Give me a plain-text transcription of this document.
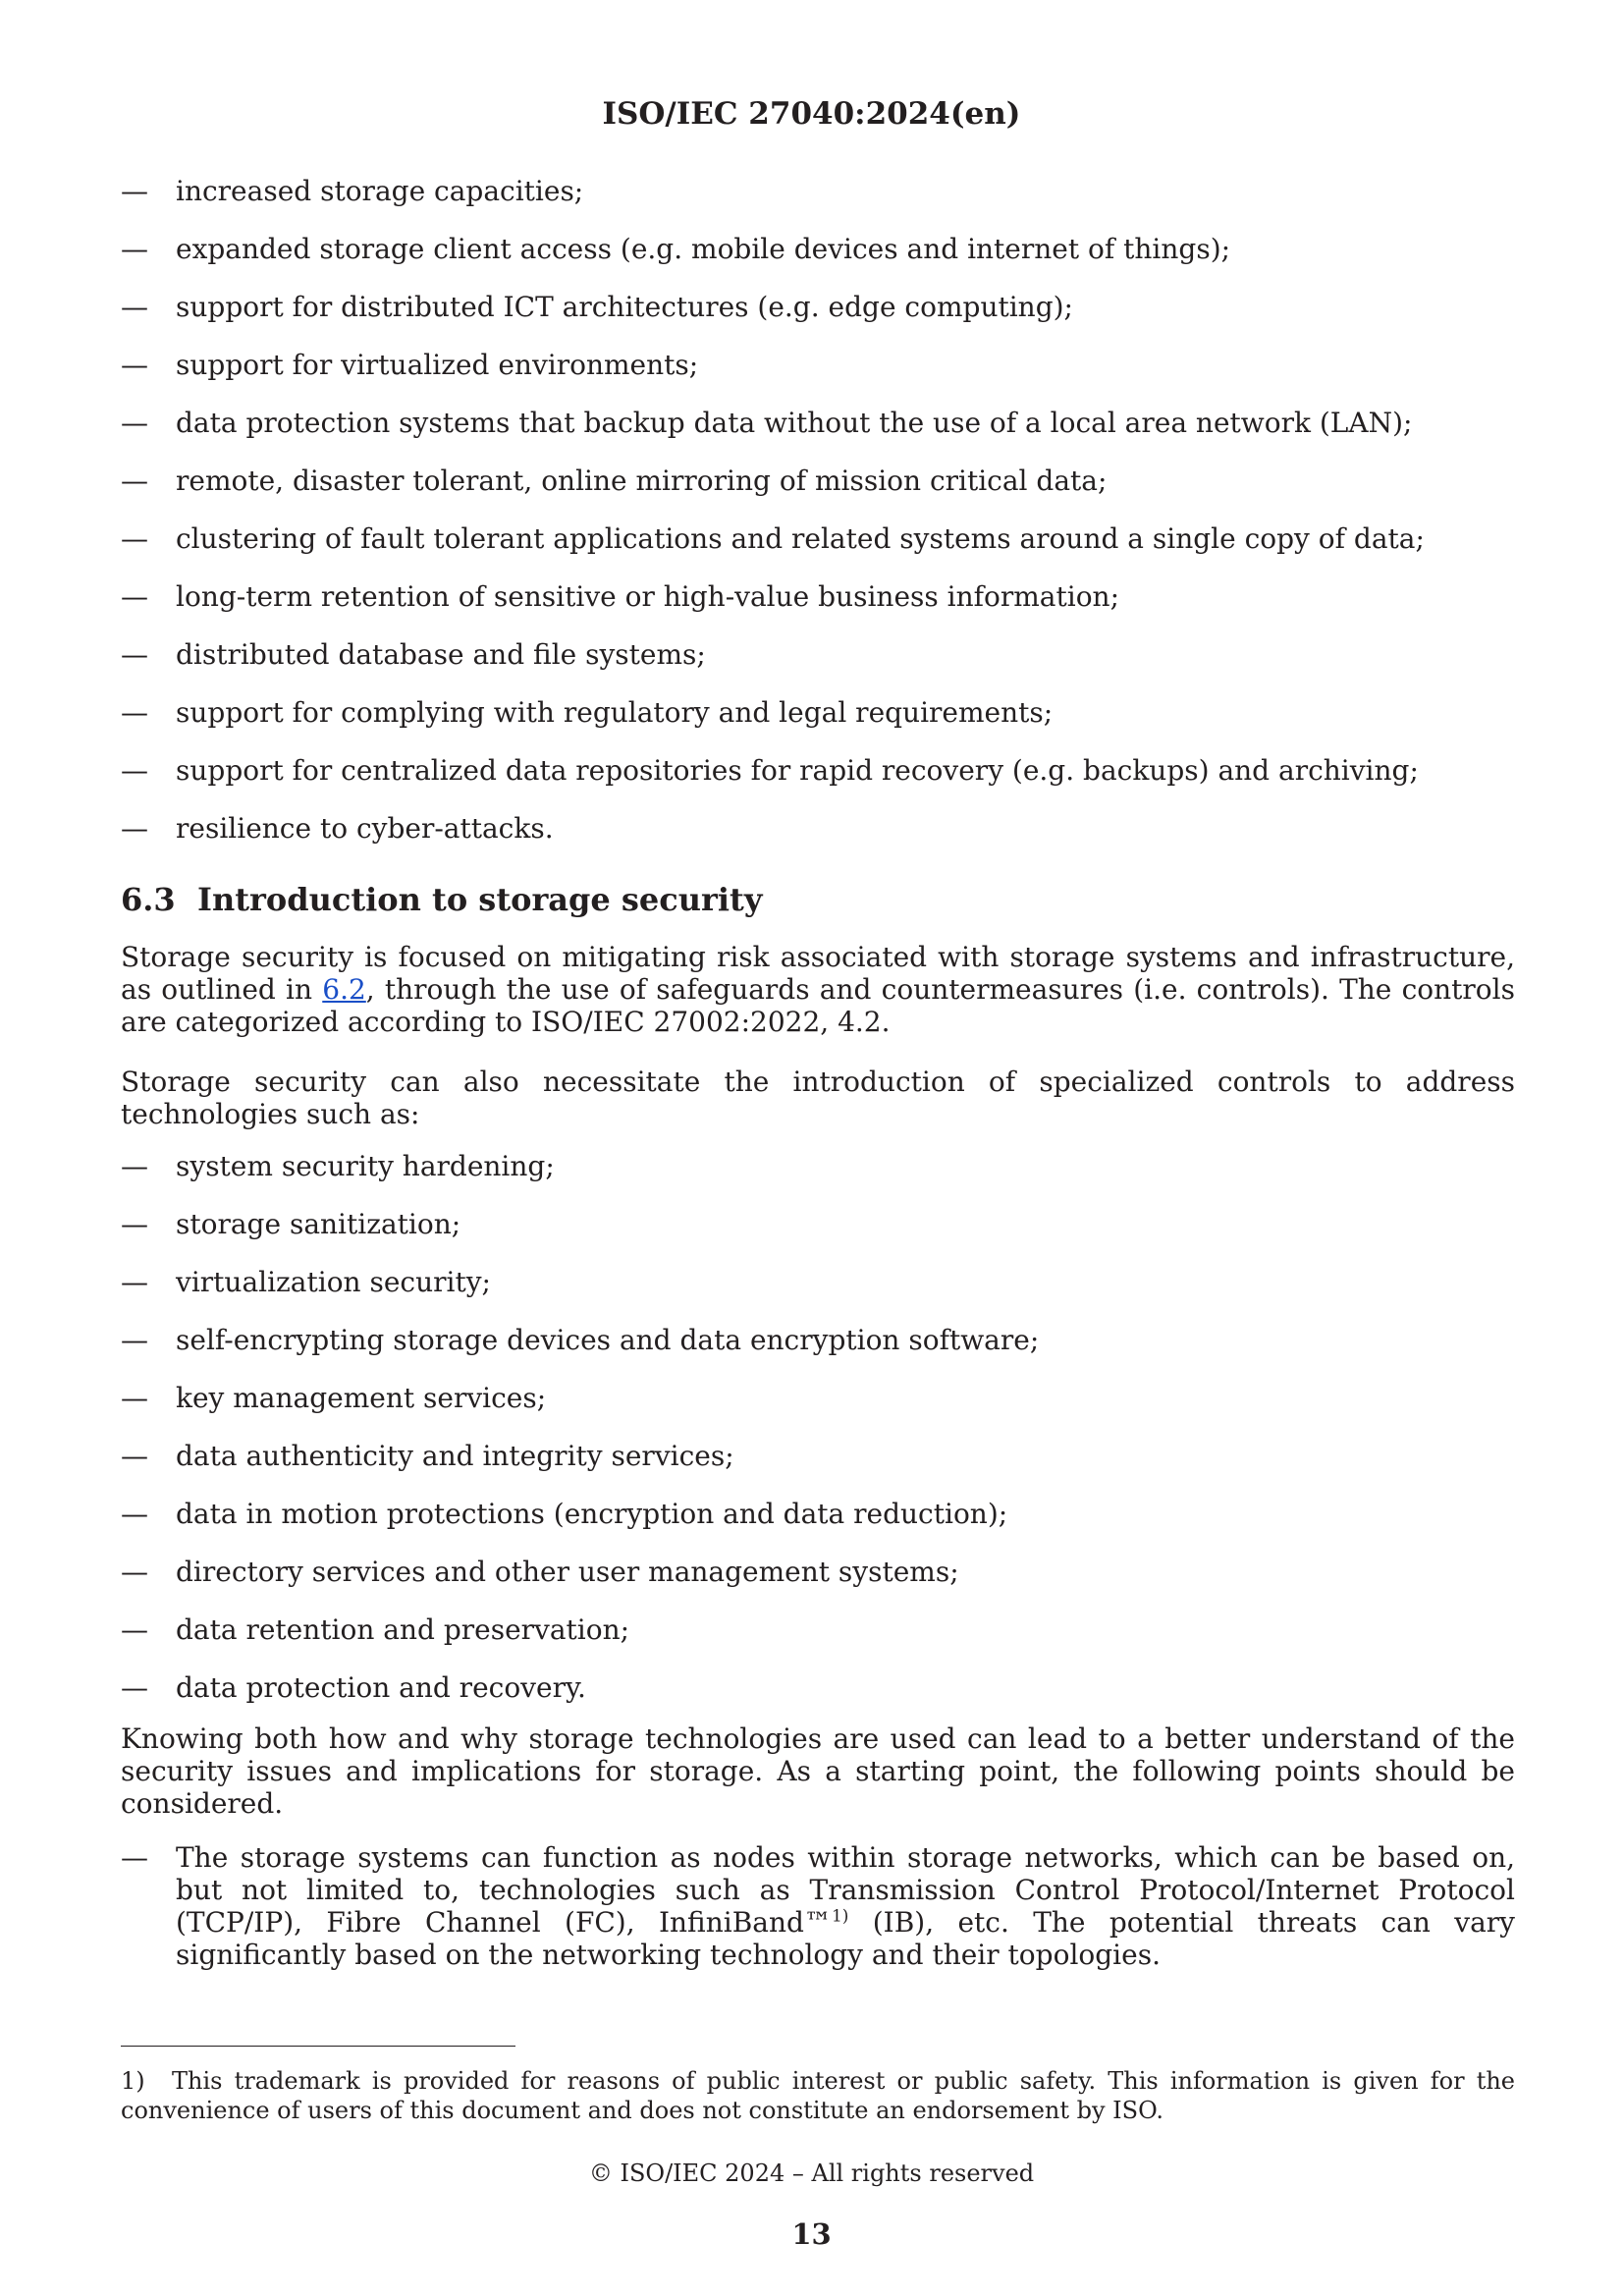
ISO/IEC 27040:2024(en)
— increased storage capacities;
— expanded storage client access (e.g. mobile devices and internet of things);
— support for distributed ICT architectures (e.g. edge computing);
— support for virtualized environments;
— data protection systems that backup data without the use of a local area network (LAN);
— remote, disaster tolerant, online mirroring of mission critical data;
— clustering of fault tolerant applications and related systems around a single copy of data;
— long-term retention of sensitive or high-value business information;
— distributed database and file systems;
— support for complying with regulatory and legal requirements;
— support for centralized data repositories for rapid recovery (e.g. backups) and archiving;
— resilience to cyber-attacks.
6.3 Introduction to storage security

Storage security is focused on mitigating risk associated with storage systems and infrastructure, as outlined in 6.2, through the use of safeguards and countermeasures (i.e. controls). The controls are categorized according to ISO/IEC 27002:2022, 4.2.

Storage security can also necessitate the introduction of specialized controls to address technologies such as:

— system security hardening;
— storage sanitization;
— virtualization security;
— self-encrypting storage devices and data encryption software;
— key management services;
— data authenticity and integrity services;
— data in motion protections (encryption and data reduction);
— directory services and other user management systems;
— data retention and preservation;
— data protection and recovery.

Knowing both how and why storage technologies are used can lead to a better understand of the security issues and implications for storage. As a starting point, the following points should be considered.

— The storage systems can function as nodes within storage networks, which can be based on, but not limited to, technologies such as Transmission Control Protocol/Internet Protocol (TCP/IP), Fibre Channel (FC), InfiniBand™$^{1)}$ (IB), etc. The potential threats can vary significantly based on the networking technology and their topologies.
1) This trademark is provided for reasons of public interest or public safety. This information is given for the convenience of users of this document and does not constitute an endorsement by ISO.
© ISO/IEC 2024 – All rights reserved
13
